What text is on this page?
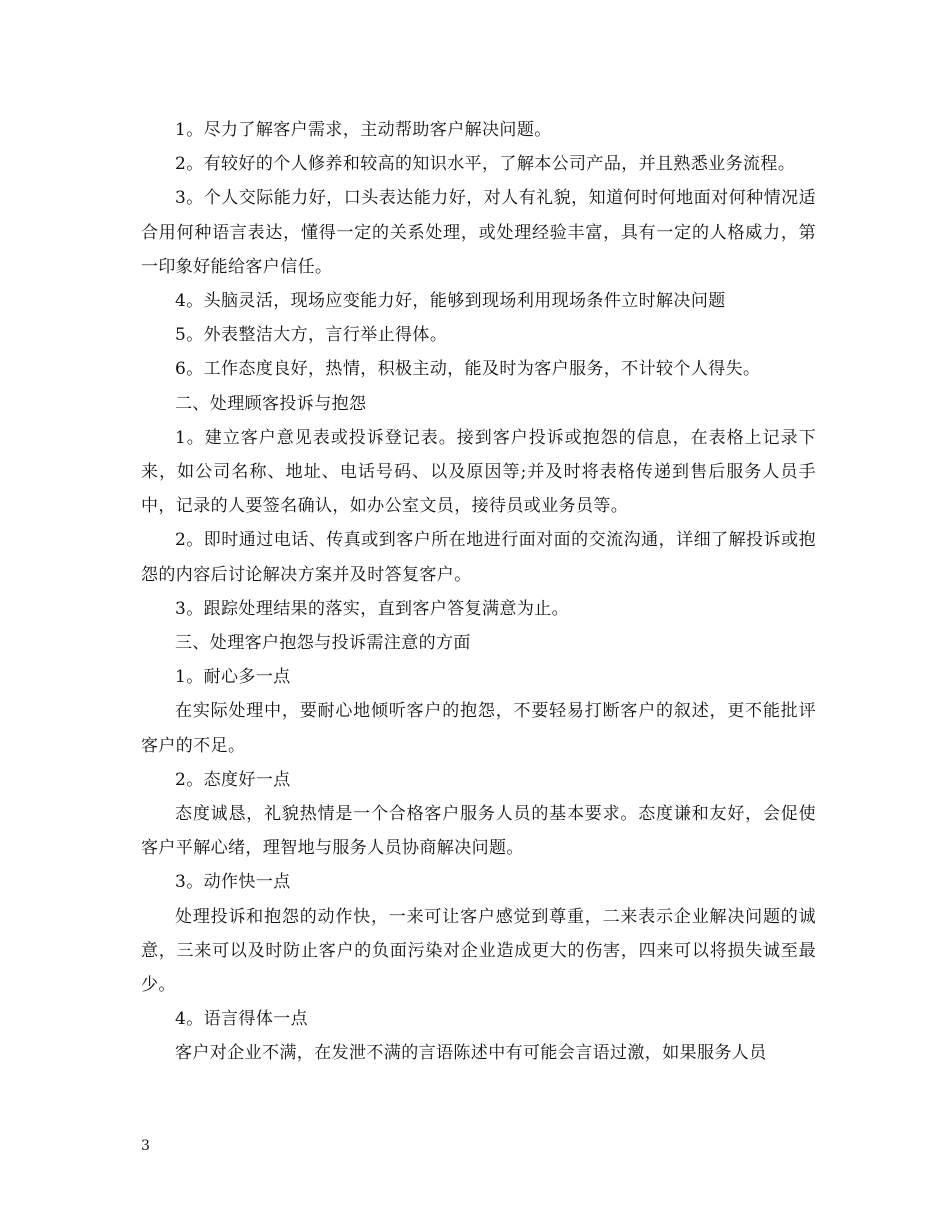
1。尽力了解客户需求，主动帮助客户解决问题。

2。有较好的个人修养和较高的知识水平，了解本公司产品，并且熟悉业务流程。

3。个人交际能力好，口头表达能力好，对人有礼貌，知道何时何地面对何种情况适合用何种语言表达，懂得一定的关系处理，或处理经验丰富，具有一定的人格威力，第一印象好能给客户信任。

4。头脑灵活，现场应变能力好，能够到现场利用现场条件立时解决问题

5。外表整洁大方，言行举止得体。

6。工作态度良好，热情，积极主动，能及时为客户服务，不计较个人得失。

二、处理顾客投诉与抱怨

1。建立客户意见表或投诉登记表。接到客户投诉或抱怨的信息，在表格上记录下来，如公司名称、地址、电话号码、以及原因等;并及时将表格传递到售后服务人员手中，记录的人要签名确认，如办公室文员，接待员或业务员等。

2。即时通过电话、传真或到客户所在地进行面对面的交流沟通，详细了解投诉或抱怨的内容后讨论解决方案并及时答复客户。

3。跟踪处理结果的落实，直到客户答复满意为止。

三、处理客户抱怨与投诉需注意的方面

1。耐心多一点

在实际处理中，要耐心地倾听客户的抱怨，不要轻易打断客户的叙述，更不能批评客户的不足。

2。态度好一点

态度诚恳，礼貌热情是一个合格客户服务人员的基本要求。态度谦和友好，会促使客户平解心绪，理智地与服务人员协商解决问题。

3。动作快一点

处理投诉和抱怨的动作快，一来可让客户感觉到尊重，二来表示企业解决问题的诚意，三来可以及时防止客户的负面污染对企业造成更大的伤害，四来可以将损失诚至最少。

4。语言得体一点

客户对企业不满，在发泄不满的言语陈述中有可能会言语过激，如果服务人员

3
